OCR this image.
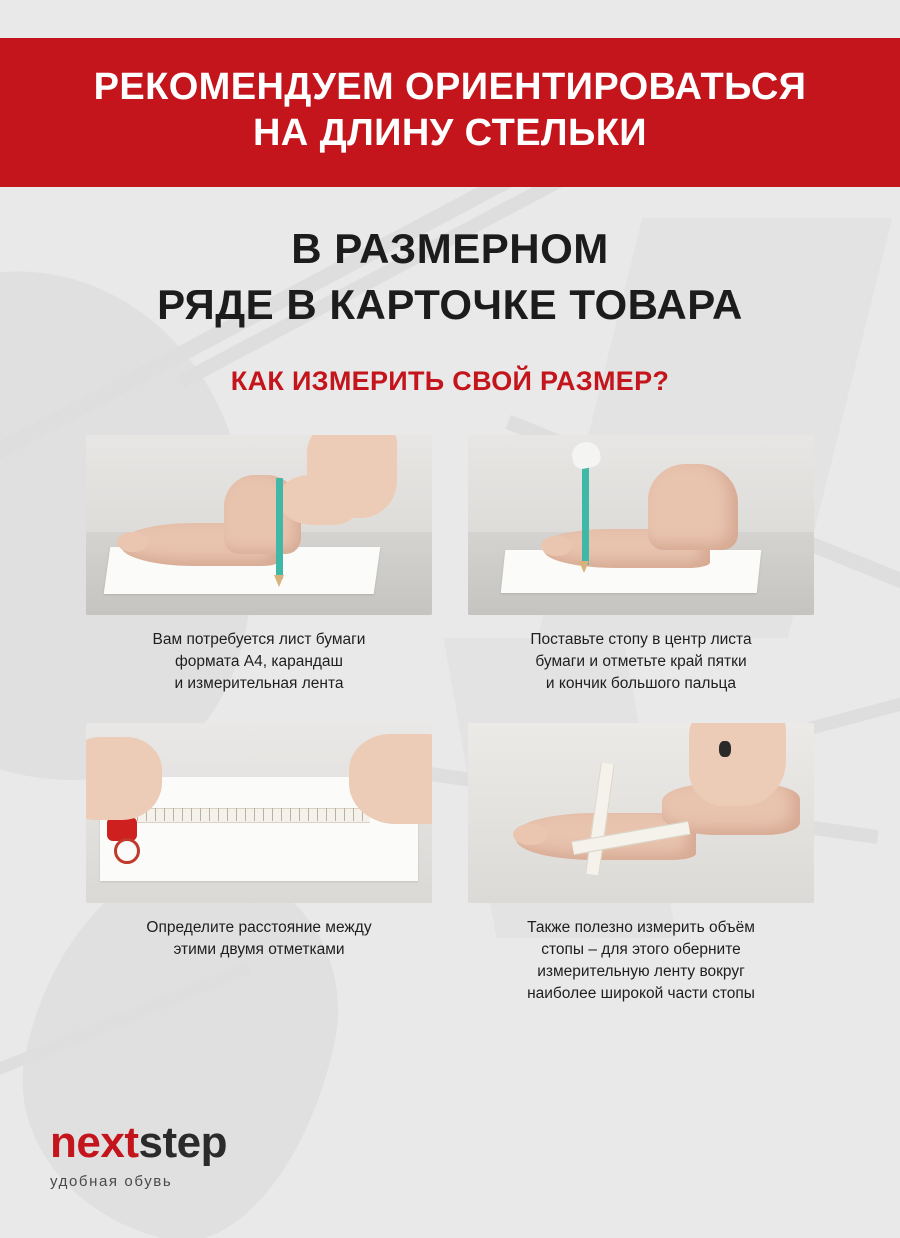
РЕКОМЕНДУЕМ ОРИЕНТИРОВАТЬСЯ
НА ДЛИНУ СТЕЛЬКИ
В РАЗМЕРНОМ
РЯДЕ В КАРТОЧКЕ ТОВАРА
КАК ИЗМЕРИТЬ СВОЙ РАЗМЕР?
Вам потребуется лист бумаги
формата А4, карандаш
и измерительная лента
Поставьте стопу в центр листа
бумаги и отметьте край пятки
и кончик большого пальца
Определите расстояние между
этими двумя отметками
Также полезно измерить объём
стопы – для этого оберните
измерительную ленту вокруг
наиболее широкой части стопы
nextstep
удобная обувь
